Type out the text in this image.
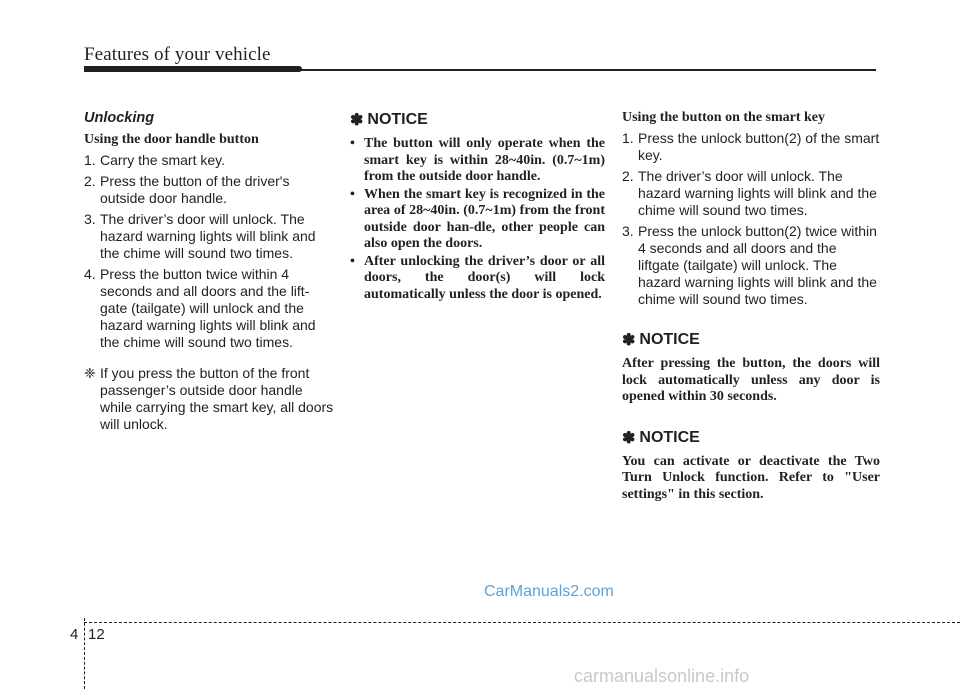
Features of your vehicle
Unlocking
Using the door handle button
1. Carry the smart key.
2. Press the button of the driver's outside door handle.
3. The driver’s door will unlock. The hazard warning lights will blink and the chime will sound two times.
4. Press the button twice within 4 seconds and all doors and the lift-gate (tailgate) will unlock and the hazard warning lights will blink and the chime will sound two times.
❈ If you press the button of the front passenger’s outside door handle while carrying the smart key, all doors will unlock.
✽ NOTICE
• The button will only operate when the smart key is within 28~40in. (0.7~1m) from the outside door handle.
• When the smart key is recognized in the area of 28~40in. (0.7~1m) from the front outside door han-dle, other people can also open the doors.
• After unlocking the driver’s door or all doors, the door(s) will lock automatically unless the door is opened.
Using the button on the smart key
1. Press the unlock button(2) of the smart key.
2. The driver’s door will unlock. The hazard warning lights will blink and the chime will sound two times.
3. Press the unlock button(2) twice within 4 seconds and all doors and the liftgate (tailgate) will unlock. The hazard warning lights will blink and the chime will sound two times.
✽ NOTICE

After pressing the button, the doors will lock automatically unless any door is opened within 30 seconds.

✽ NOTICE

You can activate or deactivate the Two Turn Unlock function. Refer to "User settings" in this section.

CarManuals2.com
4 12
carmanualsonline.info
